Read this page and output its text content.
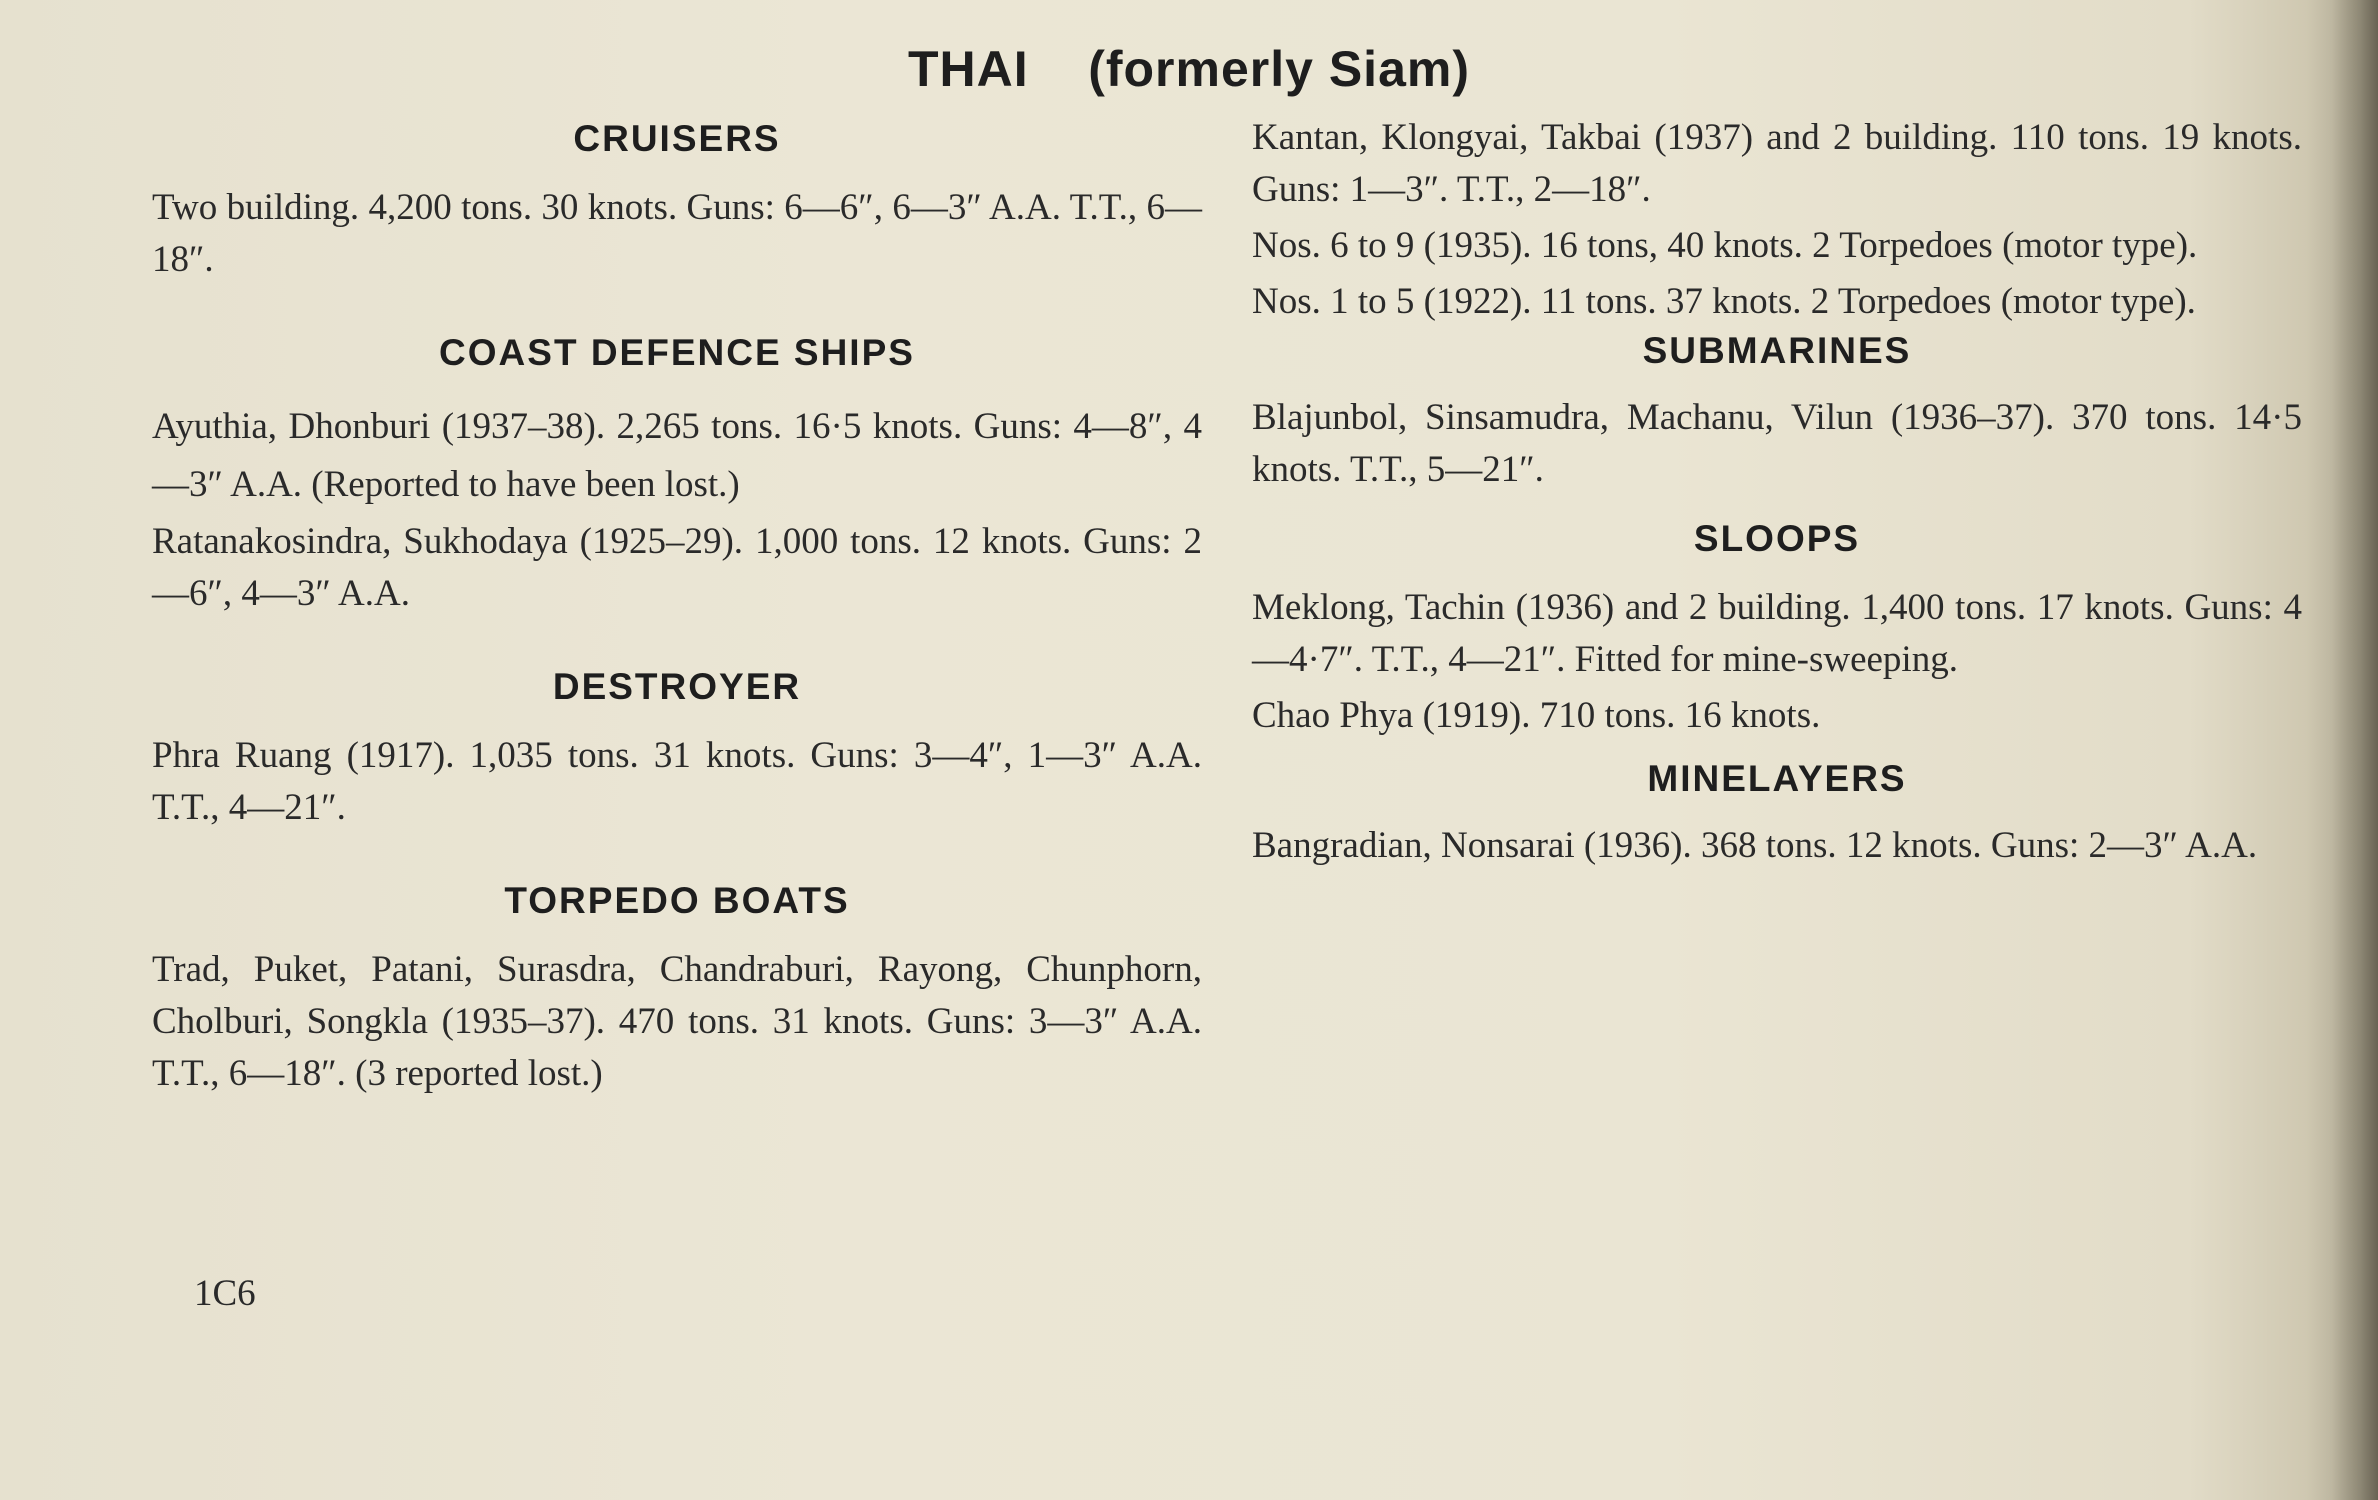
THAI    (formerly Siam)
CRUISERS

Two building. 4,200 tons. 30 knots. Guns: 6—6″, 6—3″ A.A. T.T., 6—18″.

COAST DEFENCE SHIPS

Ayuthia, Dhonburi (1937–38). 2,265 tons. 16·5 knots. Guns: 4—8″, 4—3″ A.A. (Reported to have been lost.)

Ratanakosindra, Sukhodaya (1925–29). 1,000 tons. 12 knots. Guns: 2—6″, 4—3″ A.A.

DESTROYER

Phra Ruang (1917). 1,035 tons. 31 knots. Guns: 3—4″, 1—3″ A.A. T.T., 4—21″.

TORPEDO BOATS

Trad, Puket, Patani, Surasdra, Chandraburi, Rayong, Chunphorn, Cholburi, Songkla (1935–37). 470 tons. 31 knots. Guns: 3—3″ A.A. T.T., 6—18″. (3 reported lost.)

Kantan, Klongyai, Takbai (1937) and 2 building. 110 tons. 19 knots. Guns: 1—3″. T.T., 2—18″.

Nos. 6 to 9 (1935). 16 tons, 40 knots. 2 Torpedoes (motor type).

Nos. 1 to 5 (1922). 11 tons. 37 knots. 2 Torpedoes (motor type).

SUBMARINES

Blajunbol, Sinsamudra, Machanu, Vilun (1936–37). 370 tons. 14·5 knots. T.T., 5—21″.

SLOOPS

Meklong, Tachin (1936) and 2 building. 1,400 tons. 17 knots. Guns: 4—4·7″. T.T., 4—21″. Fitted for mine-sweeping.

Chao Phya (1919). 710 tons. 16 knots.

MINELAYERS

Bangradian, Nonsarai (1936). 368 tons. 12 knots. Guns: 2—3″ A.A.

1C6
